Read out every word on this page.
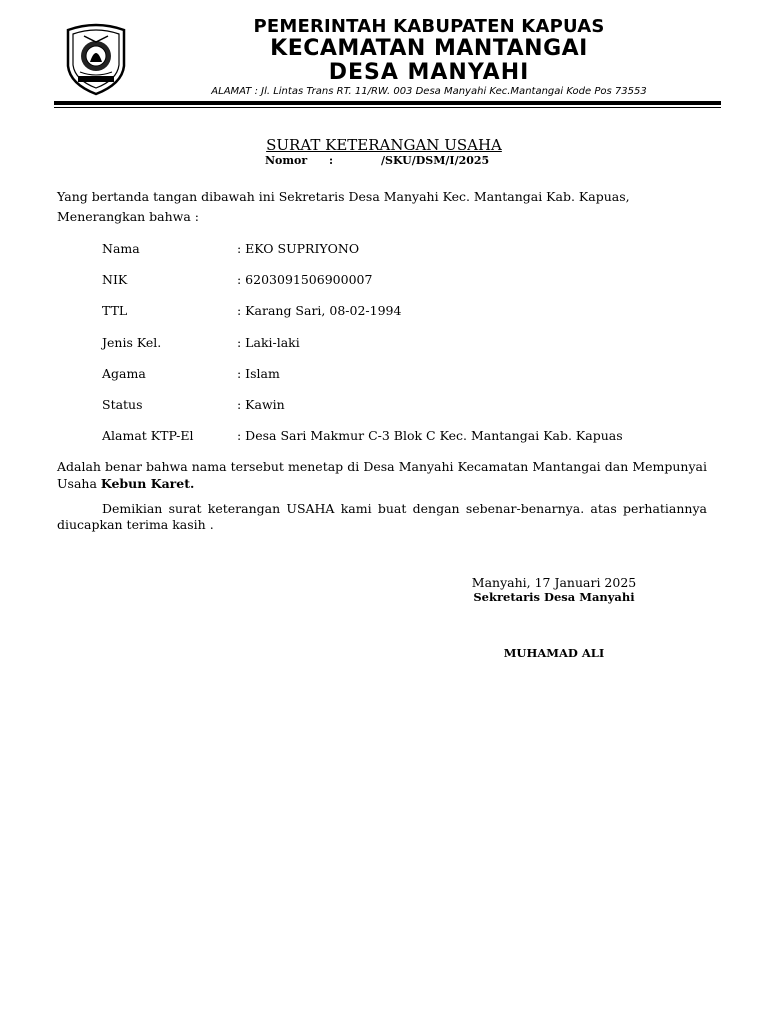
PEMERINTAH KABUPATEN KAPUAS
KECAMATAN MANTANGAI
DESA MANYAHI
ALAMAT : Jl. Lintas Trans RT. 11/RW. 003 Desa Manyahi Kec.Mantangai Kode Pos 73553
SURAT KETERANGAN USAHA
Nomor :	/SKU/DSM/I/2025
Yang bertanda tangan dibawah ini Sekretaris Desa Manyahi Kec. Mantangai Kab. Kapuas, Menerangkan bahwa :
Nama	: EKO SUPRIYONO
NIK	: 6203091506900007
TTL	: Karang Sari, 08-02-1994
Jenis Kel.	: Laki-laki
Agama	: Islam
Status	: Kawin
Alamat KTP-El	: Desa Sari Makmur C-3 Blok C Kec. Mantangai Kab. Kapuas
Adalah benar bahwa nama tersebut menetap di Desa Manyahi Kecamatan Mantangai dan Mempunyai Usaha Kebun Karet.
Demikian surat keterangan USAHA kami buat dengan sebenar-benarnya. atas perhatiannya diucapkan terima kasih .
Manyahi, 17 Januari 2025
Sekretaris Desa Manyahi
MUHAMAD ALI
